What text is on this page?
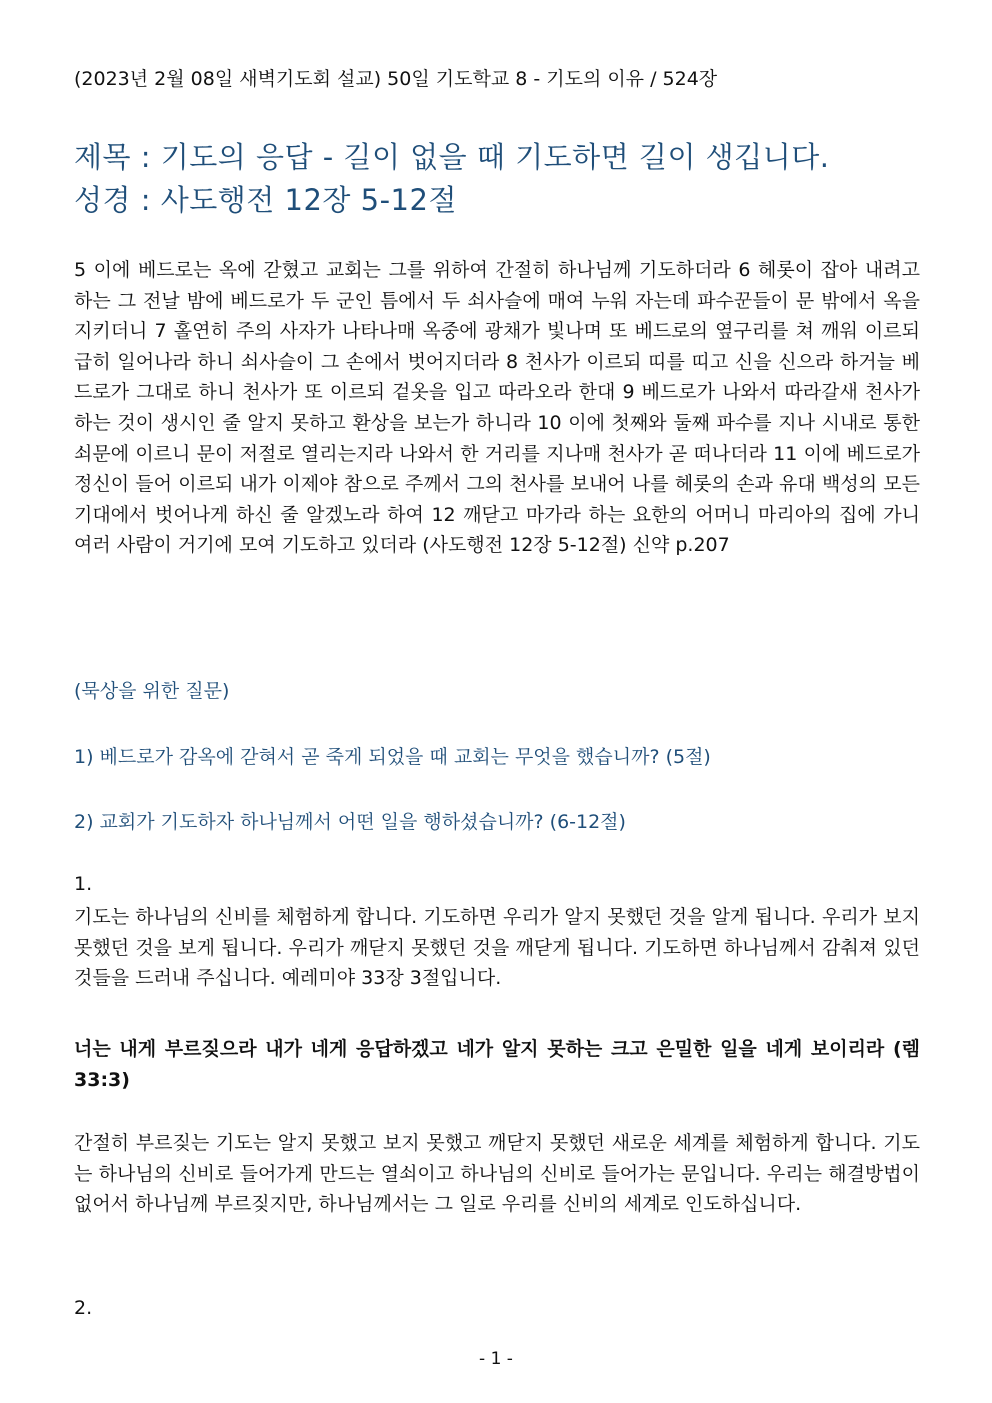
(2023년 2월 08일 새벽기도회 설교) 50일 기도학교 8 - 기도의 이유 / 524장
제목 : 기도의 응답 - 길이 없을 때 기도하면 길이 생깁니다.
성경 : 사도행전 12장 5-12절

5 이에 베드로는 옥에 갇혔고 교회는 그를 위하여 간절히 하나님께 기도하더라 6 헤롯이 잡아 내려고 하는 그 전날 밤에 베드로가 두 군인 틈에서 두 쇠사슬에 매여 누워 자는데 파수꾼들이 문 밖에서 옥을 지키더니 7 홀연히 주의 사자가 나타나매 옥중에 광채가 빛나며 또 베드로의 옆구리를 쳐 깨워 이르되 급히 일어나라 하니 쇠사슬이 그 손에서 벗어지더라 8 천사가 이르되 띠를 띠고 신을 신으라 하거늘 베드로가 그대로 하니 천사가 또 이르되 겉옷을 입고 따라오라 한대 9 베드로가 나와서 따라갈새 천사가 하는 것이 생시인 줄 알지 못하고 환상을 보는가 하니라 10 이에 첫째와 둘째 파수를 지나 시내로 통한 쇠문에 이르니 문이 저절로 열리는지라 나와서 한 거리를 지나매 천사가 곧 떠나더라 11 이에 베드로가 정신이 들어 이르되 내가 이제야 참으로 주께서 그의 천사를 보내어 나를 헤롯의 손과 유대 백성의 모든 기대에서 벗어나게 하신 줄 알겠노라 하여 12 깨닫고 마가라 하는 요한의 어머니 마리아의 집에 가니 여러 사람이 거기에 모여 기도하고 있더라 (사도행전 12장 5-12절) 신약 p.207

(묵상을 위한 질문)
1) 베드로가 감옥에 갇혀서 곧 죽게 되었을 때 교회는 무엇을 했습니까? (5절)
2) 교회가 기도하자 하나님께서 어떤 일을 행하셨습니까? (6-12절)
1.

기도는 하나님의 신비를 체험하게 합니다. 기도하면 우리가 알지 못했던 것을 알게 됩니다. 우리가 보지 못했던 것을 보게 됩니다. 우리가 깨닫지 못했던 것을 깨닫게 됩니다. 기도하면 하나님께서 감춰져 있던 것들을 드러내 주십니다. 예레미야 33장 3절입니다.

너는 내게 부르짖으라 내가 네게 응답하겠고 네가 알지 못하는 크고 은밀한 일을 네게 보이리라 (렘 33:3)

간절히 부르짖는 기도는 알지 못했고 보지 못했고 깨닫지 못했던 새로운 세계를 체험하게 합니다. 기도는 하나님의 신비로 들어가게 만드는 열쇠이고 하나님의 신비로 들어가는 문입니다. 우리는 해결방법이 없어서 하나님께 부르짖지만, 하나님께서는 그 일로 우리를 신비의 세계로 인도하십니다.

2.
- 1 -
